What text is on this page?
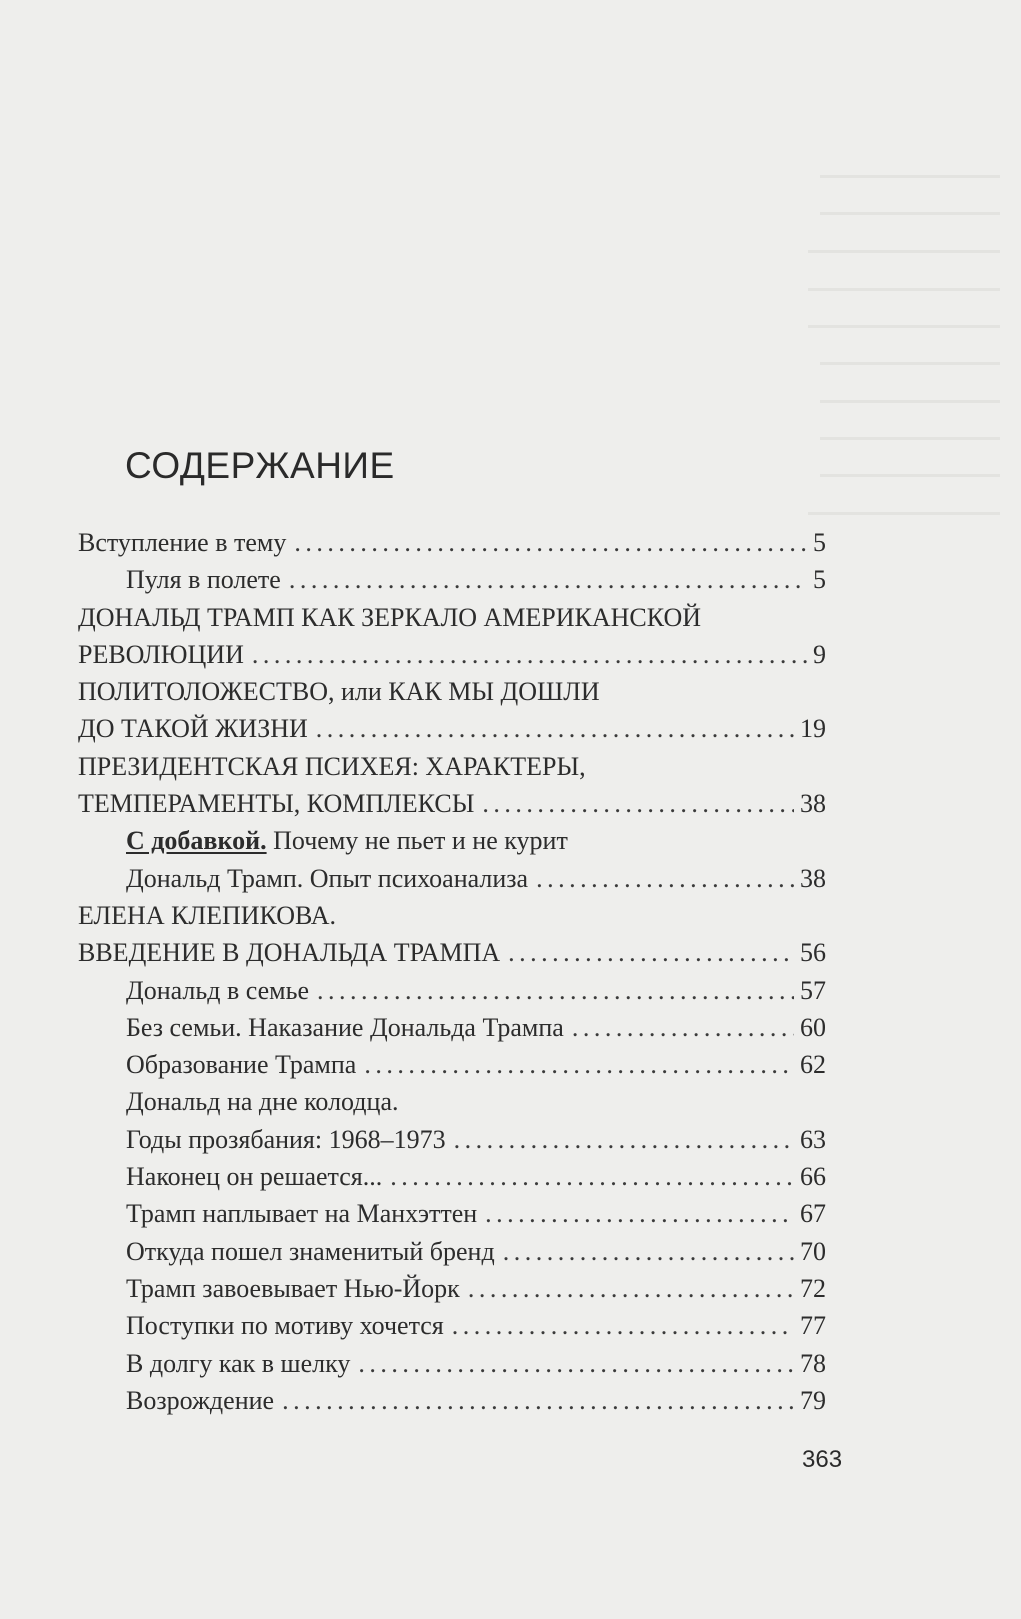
СОДЕРЖАНИЕ
Вступление в тему . . .	5
Пуля в полете . . .	5
ДОНАЛЬД ТРАМП КАК ЗЕРКАЛО АМЕРИКАНСКОЙ
РЕВОЛЮЦИИ . . .	9
ПОЛИТОЛОЖЕСТВО, или КАК МЫ ДОШЛИ
ДО ТАКОЙ ЖИЗНИ . . .	19
ПРЕЗИДЕНТСКАЯ ПСИХЕЯ: ХАРАКТЕРЫ,
ТЕМПЕРАМЕНТЫ, КОМПЛЕКСЫ . . .	38
С добавкой. Почему не пьет и не курит
Дональд Трамп. Опыт психоанализа . . .	38
ЕЛЕНА КЛЕПИКОВА.
ВВЕДЕНИЕ В ДОНАЛЬДА ТРАМПА . . .	56
Дональд в семье . . .	57
Без семьи. Наказание Дональда Трампа . . .	60
Образование Трампа . . .	62
Дональд на дне колодца.
Годы прозябания: 1968–1973 . . .	63
Наконец он решается... . . .	66
Трамп наплывает на Манхэттен . . .	67
Откуда пошел знаменитый бренд . . .	70
Трамп завоевывает Нью-Йорк . . .	72
Поступки по мотиву хочется . . .	77
В долгу как в шелку . . .	78
Возрождение . . .	79
363
